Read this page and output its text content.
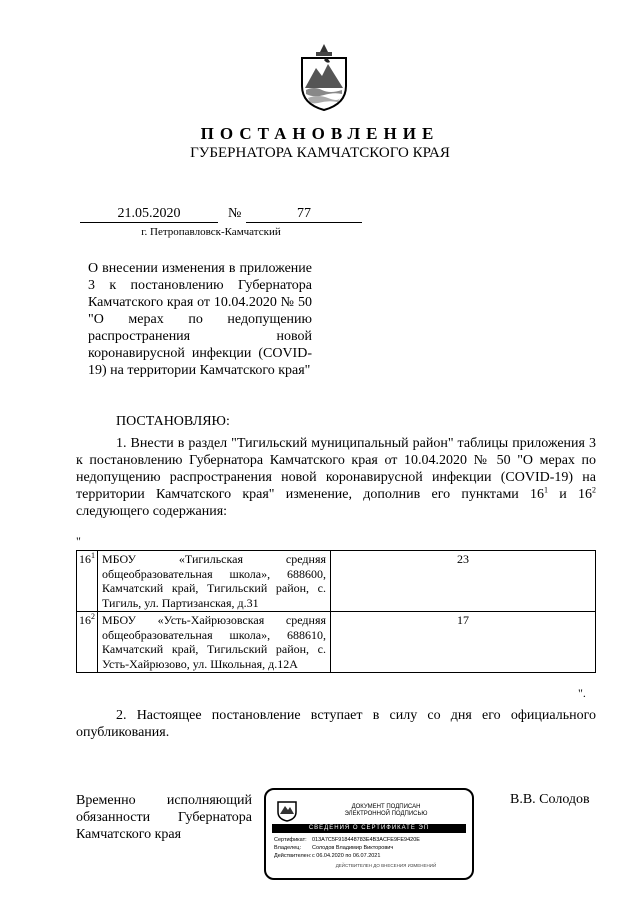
ПОСТАНОВЛЕНИЕ
ГУБЕРНАТОРА КАМЧАТСКОГО КРАЯ
21.05.2020	№	77
г. Петропавловск-Камчатский
О внесении изменения в приложение 3 к постановлению Губернатора Камчатского края от 10.04.2020 № 50 "О мерах по недопущению распространения новой коронавирусной инфекции (COVID-19) на территории Камчатского края"
ПОСТАНОВЛЯЮ:
1. Внести в раздел "Тигильский муниципальный район" таблицы приложения 3 к постановлению Губернатора Камчатского края от 10.04.2020 № 50 "О мерах по недопущению распространения новой коронавирусной инфекции (COVID-19) на территории Камчатского края" изменение, дополнив его пунктами $16^1$ и $16^2$ следующего содержания:
"
$16^1$	МБОУ «Тигильская средняя общеобразовательная школа», 688600, Камчатский край, Тигильский район, с. Тигиль, ул. Партизанская, д.31	23
$16^2$	МБОУ «Усть-Хайрюзовская средняя общеобразовательная школа», 688610, Камчатский край, Тигильский район, с. Усть-Хайрюзово, ул. Школьная, д.12А	17
".
2. Настоящее постановление вступает в силу со дня его официального опубликования.
Временно исполняющий обязанности Губернатора Камчатского края
ДОКУМЕНТ ПОДПИСАН
ЭЛЕКТРОННОЙ ПОДПИСЬЮ
СВЕДЕНИЯ О СЕРТИФИКАТЕ ЭП
Сертификат: 013A7C5F918448783E4B3ACFE9FE9420E
Владелец: Солодов Владимир Викторович
Действителен:с 06.04.2020 по 06.07.2021
ДЕЙСТВИТЕЛЕН ДО ВНЕСЕНИЯ ИЗМЕНЕНИЙ
В.В. Солодов
